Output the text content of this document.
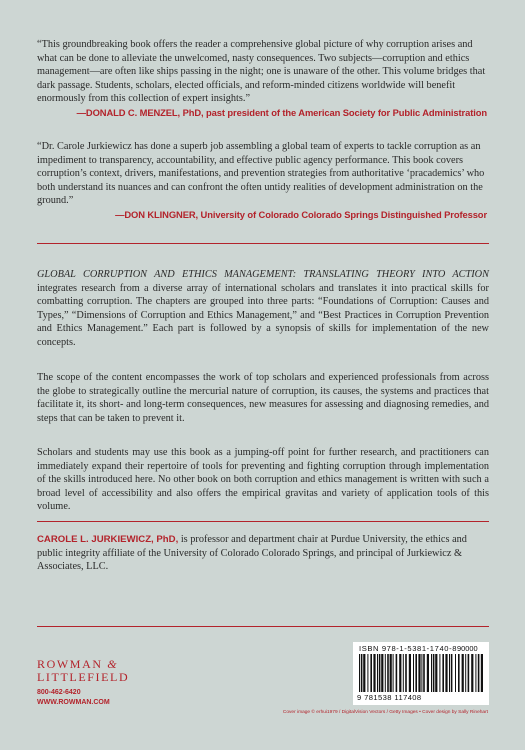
“This groundbreaking book offers the reader a comprehensive global picture of why corruption arises and what can be done to alleviate the unwelcomed, nasty consequences. Two subjects—corruption and ethics management—are often like ships passing in the night; one is unaware of the other. This volume bridges that dark passage. Students, scholars, elected officials, and reform-minded citizens worldwide will benefit enormously from this collection of expert insights.”
—DONALD C. MENZEL, PhD, past president of the American Society for Public Administration
“Dr. Carole Jurkiewicz has done a superb job assembling a global team of experts to tackle corruption as an impediment to transparency, accountability, and effective public agency performance. This book covers corruption’s context, drivers, manifestations, and prevention strategies from authoritative ‘pracademics’ who both understand its nuances and can confront the often untidy realities of development administration on the ground.”
—DON KLINGNER, University of Colorado Colorado Springs Distinguished Professor
GLOBAL CORRUPTION AND ETHICS MANAGEMENT: TRANSLATING THEORY INTO ACTION integrates research from a diverse array of international scholars and translates it into practical skills for combatting corruption. The chapters are grouped into three parts: “Foundations of Corruption: Causes and Types,” “Dimensions of Corruption and Ethics Management,” and “Best Practices in Corruption Prevention and Ethics Management.” Each part is followed by a synopsis of skills for implementation of the new concepts.
The scope of the content encompasses the work of top scholars and experienced professionals from across the globe to strategically outline the mercurial nature of corruption, its causes, the systems and practices that facilitate it, its short- and long-term consequences, new measures for assessing and diagnosing remedies, and steps that can be taken to prevent it.
Scholars and students may use this book as a jumping-off point for further research, and practitioners can immediately expand their repertoire of tools for preventing and fighting corruption through implementation of the skills introduced here. No other book on both corruption and ethics management is written with such a broad level of accessibility and also offers the empirical gravitas and variety of application tools of this volume.
CAROLE L. JURKIEWICZ, PhD, is professor and department chair at Purdue University, the ethics and public integrity affiliate of the University of Colorado Colorado Springs, and principal of Jurkiewicz & Associates, LLC.
ROWMAN &
LITTLEFIELD
800-462-6420
WWW.ROWMAN.COM
ISBN 978-1-5381-1740-8
9 781538 117408
90000
Cover image © erhui1979 / DigitalVision Vectors / Getty Images • Cover design by Sally Rinehart
